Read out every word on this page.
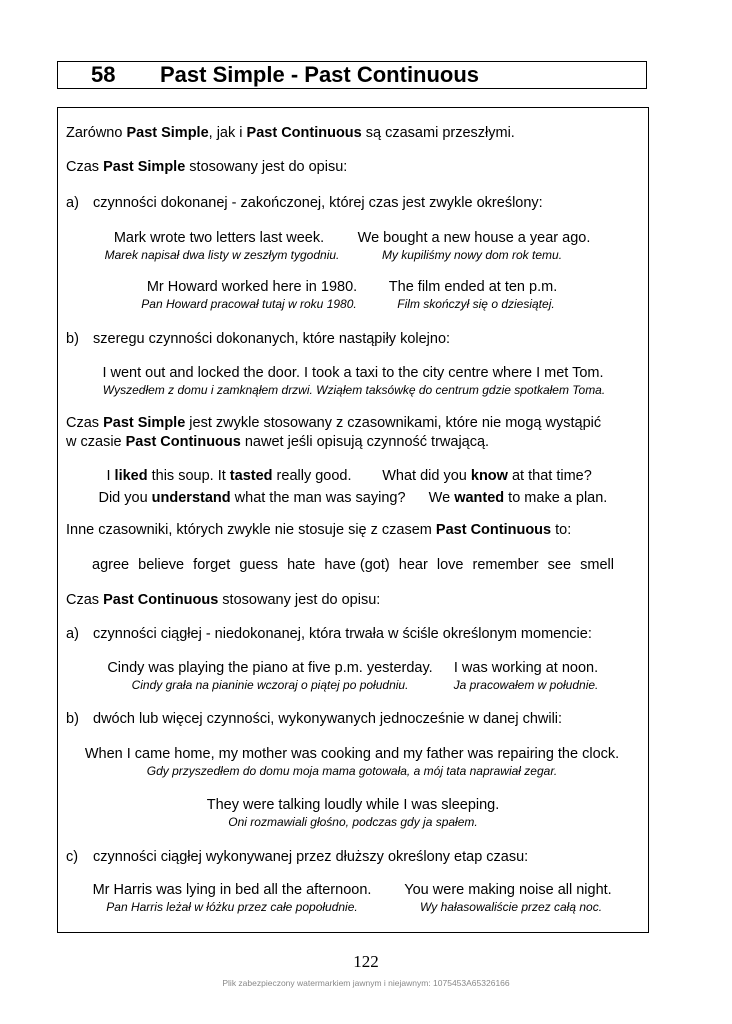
58 Past Simple - Past Continuous
Zarówno Past Simple, jak i Past Continuous są czasami przeszłymi.
Czas Past Simple stosowany jest do opisu:
a) czynności dokonanej - zakończonej, której czas jest zwykle określony:
Mark wrote two letters last week.
Marek napisał dwa listy w zeszłym tygodniu.
We bought a new house a year ago.
My kupiliśmy nowy dom rok temu.
Mr Howard worked here in 1980.
Pan Howard pracował tutaj w roku 1980.
The film ended at ten p.m.
Film skończył się o dziesiątej.
b) szeregu czynności dokonanych, które nastąpiły kolejno:
I went out and locked the door. I took a taxi to the city centre where I met Tom.
Wyszedłem z domu i zamknąłem drzwi. Wziąłem taksówkę do centrum gdzie spotkałem Toma.
Czas Past Simple jest zwykle stosowany z czasownikami, które nie mogą wystąpić
w czasie Past Continuous nawet jeśli opisują czynność trwającą.
I liked this soup. It tasted really good. What did you know at that time?
Did you understand what the man was saying? We wanted to make a plan.
Inne czasowniki, których zwykle nie stosuje się z czasem Past Continuous to:
agree believe forget guess hate have (got) hear love remember see smell
Czas Past Continuous stosowany jest do opisu:
a) czynności ciągłej - niedokonanej, która trwała w ściśle określonym momencie:
Cindy was playing the piano at five p.m. yesterday.
Cindy grała na pianinie wczoraj o piątej po południu.
I was working at noon.
Ja pracowałem w południe.
b) dwóch lub więcej czynności, wykonywanych jednocześnie w danej chwili:
When I came home, my mother was cooking and my father was repairing the clock.
Gdy przyszedłem do domu moja mama gotowała, a mój tata naprawiał zegar.
They were talking loudly while I was sleeping.
Oni rozmawiali głośno, podczas gdy ja spałem.
c) czynności ciągłej wykonywanej przez dłuższy określony etap czasu:
Mr Harris was lying in bed all the afternoon.
Pan Harris leżał w łóżku przez całe popołudnie.
You were making noise all night.
Wy hałasowaliście przez całą noc.
122
Plik zabezpieczony watermarkiem jawnym i niejawnym: 1075453A65326166
